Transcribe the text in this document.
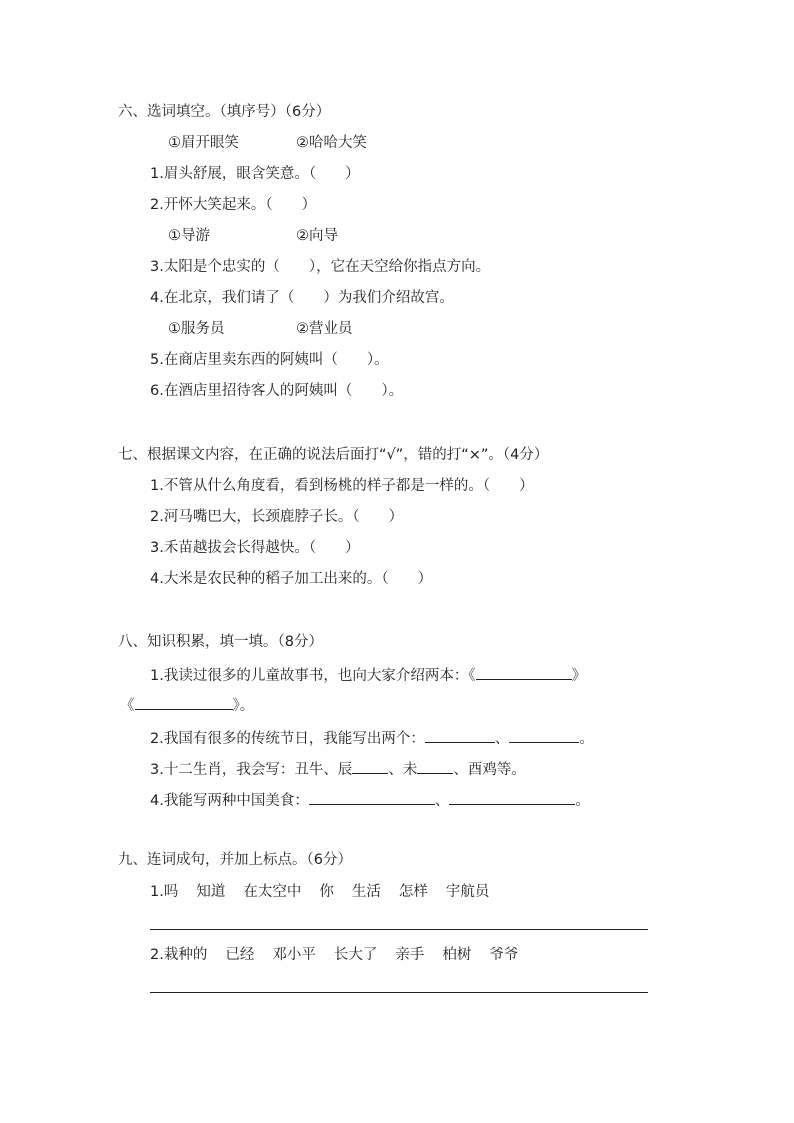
六、选词填空。（填序号）（6分）
①眉开眼笑	②哈哈大笑
1.眉头舒展，眼含笑意。（　　）
2.开怀大笑起来。（　　）
①导游	②向导
3.太阳是个忠实的（　　），它在天空给你指点方向。
4.在北京，我们请了（　　）为我们介绍故宫。
①服务员	②营业员
5.在商店里卖东西的阿姨叫（　　）。
6.在酒店里招待客人的阿姨叫（　　）。
七、根据课文内容，在正确的说法后面打“√”，错的打“×”。（4分）
1.不管从什么角度看，看到杨桃的样子都是一样的。（　　）
2.河马嘴巴大，长颈鹿脖子长。（　　）
3.禾苗越拔会长得越快。（　　）
4.大米是农民种的稻子加工出来的。（　　）
八、知识积累，填一填。（8分）
1.我读过很多的儿童故事书，也向大家介绍两本：《	》
《	》。
2.我国有很多的传统节日，我能写出两个：	、	。
3.十二生肖，我会写：丑牛、辰 、未 、酉鸡等。
4.我能写两种中国美食：	、	。
九、连词成句，并加上标点。（6分）
1.吗 知道 在太空中 你 生活 怎样 宇航员
2.栽种的 已经 邓小平 长大了 亲手 柏树 爷爷
